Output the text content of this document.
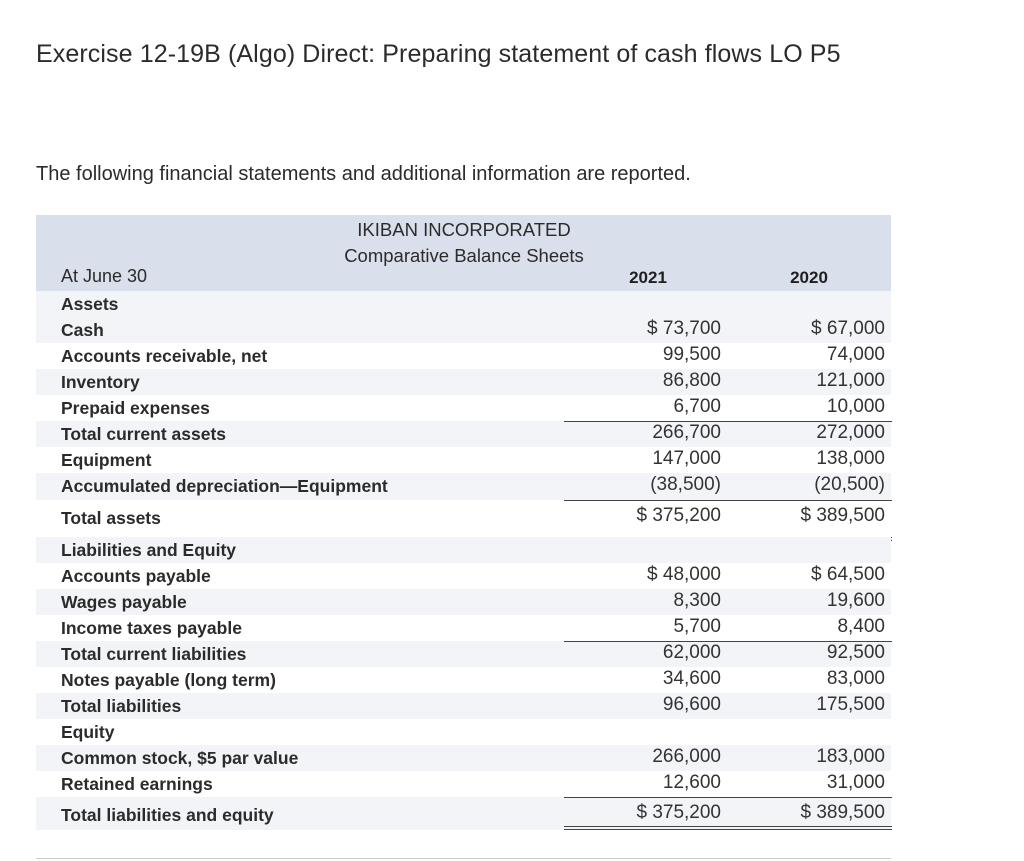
Exercise 12-19B (Algo) Direct: Preparing statement of cash flows LO P5
The following financial statements and additional information are reported.
IKIBAN INCORPORATED
Comparative Balance Sheets
At June 30	2021	2020
Assets
Cash	$ 73,700	$ 67,000
Accounts receivable, net	99,500	74,000
Inventory	86,800	121,000
Prepaid expenses	6,700	10,000
Total current assets	266,700	272,000
Equipment	147,000	138,000
Accumulated depreciation—Equipment	(38,500)	(20,500)
Total assets	$ 375,200	$ 389,500
Liabilities and Equity
Accounts payable	$ 48,000	$ 64,500
Wages payable	8,300	19,600
Income taxes payable	5,700	8,400
Total current liabilities	62,000	92,500
Notes payable (long term)	34,600	83,000
Total liabilities	96,600	175,500
Equity
Common stock, $5 par value	266,000	183,000
Retained earnings	12,600	31,000
Total liabilities and equity	$ 375,200	$ 389,500
